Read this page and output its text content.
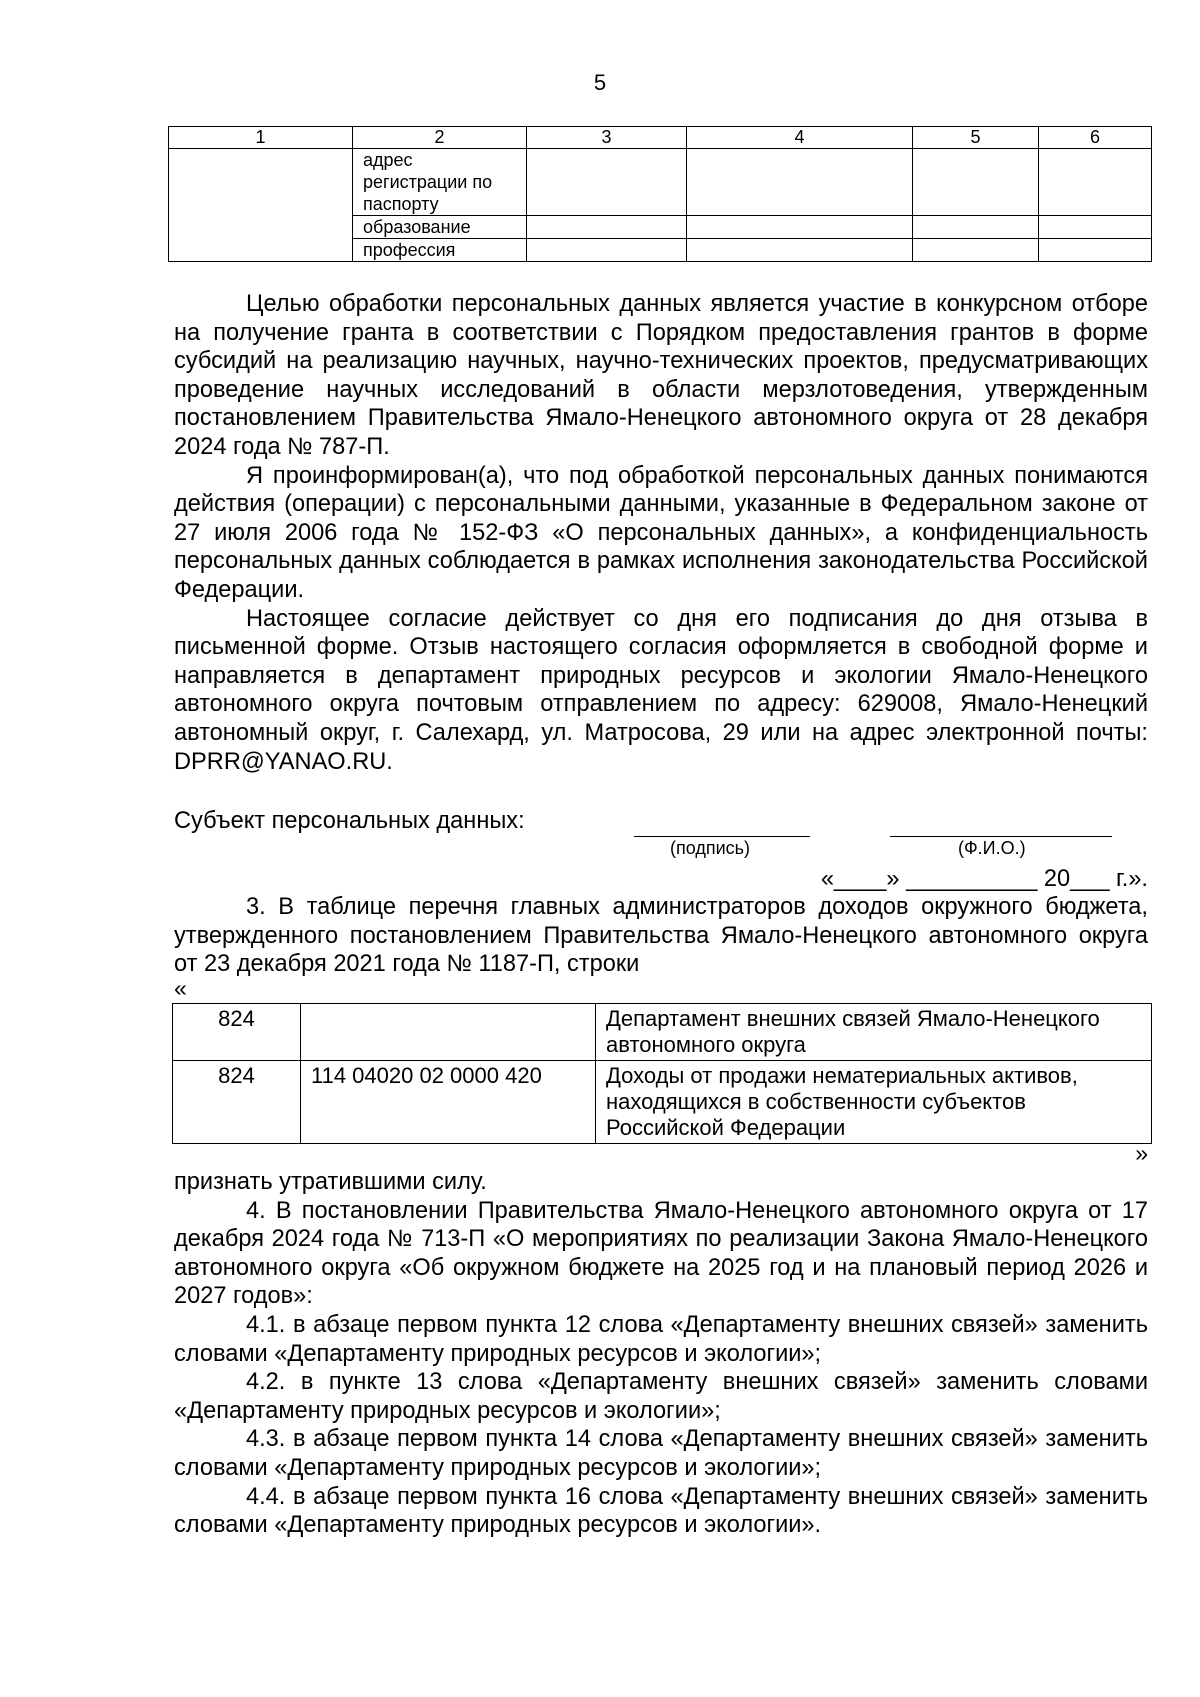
5
1	2	3	4	5	6
	адрес регистрации по паспорту				
	образование				
	профессия				

Целью обработки персональных данных является участие в конкурсном отборе на получение гранта в соответствии с Порядком предоставления грантов в форме субсидий на реализацию научных, научно-технических проектов, предусматривающих проведение научных исследований в области мерзлотоведения, утвержденным постановлением Правительства Ямало-Ненецкого автономного округа от 28 декабря 2024 года № 787-П.

Я проинформирован(а), что под обработкой персональных данных понимаются действия (операции) с персональными данными, указанные в Федеральном законе от 27 июля 2006 года № 152-ФЗ «О персональных данных», а конфиденциальность персональных данных соблюдается в рамках исполнения законодательства Российской Федерации.

Настоящее согласие действует со дня его подписания до дня отзыва в письменной форме. Отзыв настоящего согласия оформляется в свободной форме и направляется в департамент природных ресурсов и экологии Ямало-Ненецкого автономного округа почтовым отправлением по адресу: 629008, Ямало-Ненецкий автономный округ, г. Салехард, ул. Матросова, 29 или на адрес электронной почты: DPRR@YANAO.RU.

Субъект персональных данных:
(подпись)	(Ф.И.О.)
«____» __________ 20___ г.».

3. В таблице перечня главных администраторов доходов окружного бюджета, утвержденного постановлением Правительства Ямало-Ненецкого автономного округа от 23 декабря 2021 года № 1187-П, строки

«
824		Департамент внешних связей Ямало-Ненецкого автономного округа
824	114 04020 02 0000 420	Доходы от продажи нематериальных активов, находящихся в собственности субъектов Российской Федерации
»

признать утратившими силу.

4. В постановлении Правительства Ямало-Ненецкого автономного округа от 17 декабря 2024 года № 713-П «О мероприятиях по реализации Закона Ямало-Ненецкого автономного округа «Об окружном бюджете на 2025 год и на плановый период 2026 и 2027 годов»:

4.1. в абзаце первом пункта 12 слова «Департаменту внешних связей» заменить словами «Департаменту природных ресурсов и экологии»;

4.2. в пункте 13 слова «Департаменту внешних связей» заменить словами «Департаменту природных ресурсов и экологии»;

4.3. в абзаце первом пункта 14 слова «Департаменту внешних связей» заменить словами «Департаменту природных ресурсов и экологии»;

4.4. в абзаце первом пункта 16 слова «Департаменту внешних связей» заменить словами «Департаменту природных ресурсов и экологии».
